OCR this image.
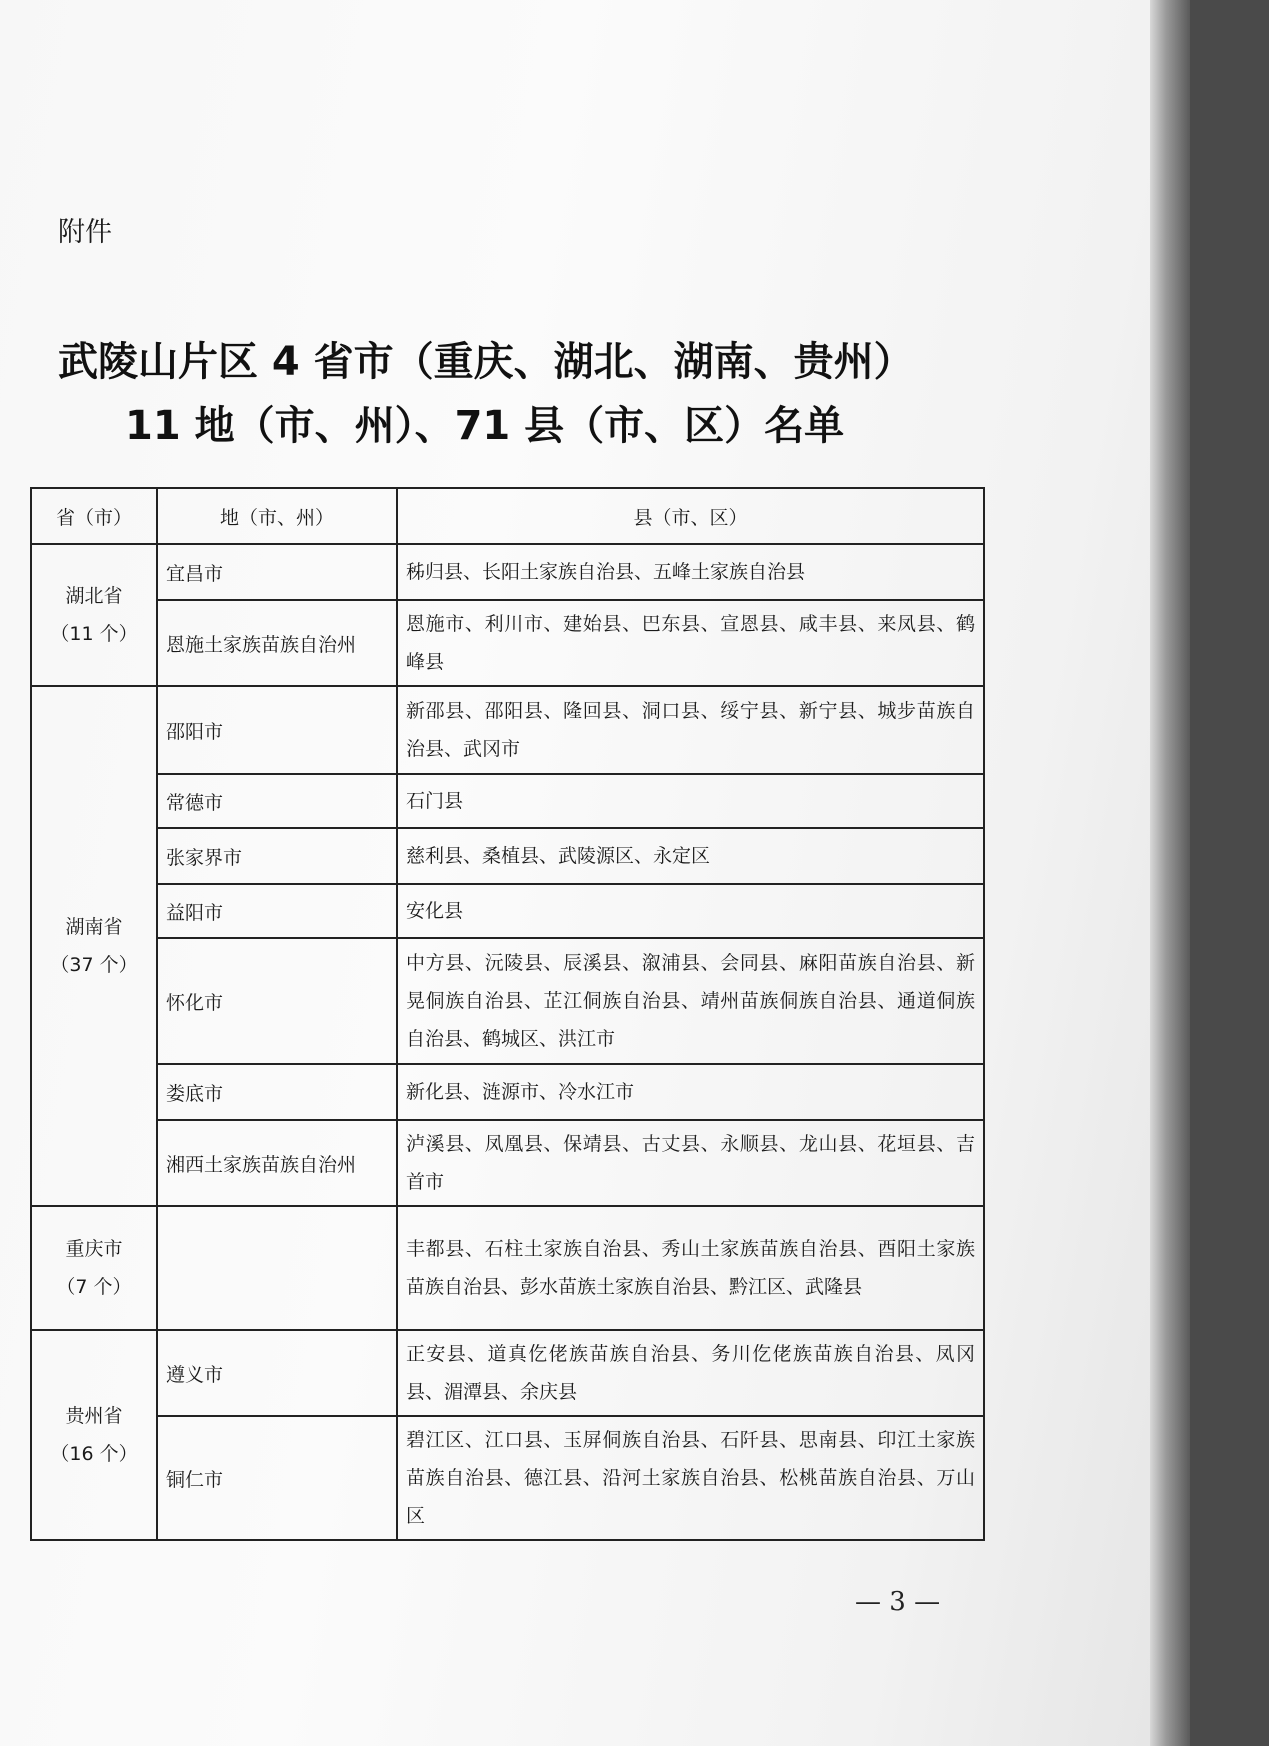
附件
武陵山片区 4 省市（重庆、湖北、湖南、贵州）
11 地（市、州）、71 县（市、区）名单
省（市）	地（市、州）	县（市、区）

湖北省
（11 个）	宜昌市	秭归县、长阳土家族自治县、五峰土家族自治县
	恩施土家族苗族自治州	恩施市、利川市、建始县、巴东县、宣恩县、咸丰县、来凤县、鹤峰县

湖南省
（37 个）	邵阳市	新邵县、邵阳县、隆回县、洞口县、绥宁县、新宁县、城步苗族自治县、武冈市
	常德市	石门县
	张家界市	慈利县、桑植县、武陵源区、永定区
	益阳市	安化县
	怀化市	中方县、沅陵县、辰溪县、溆浦县、会同县、麻阳苗族自治县、新晃侗族自治县、芷江侗族自治县、靖州苗族侗族自治县、通道侗族自治县、鹤城区、洪江市
	娄底市	新化县、涟源市、冷水江市
	湘西土家族苗族自治州	泸溪县、凤凰县、保靖县、古丈县、永顺县、龙山县、花垣县、吉首市

重庆市
（7 个）		丰都县、石柱土家族自治县、秀山土家族苗族自治县、酉阳土家族苗族自治县、彭水苗族土家族自治县、黔江区、武隆县

贵州省
（16 个）	遵义市	正安县、道真仡佬族苗族自治县、务川仡佬族苗族自治县、凤冈县、湄潭县、余庆县
	铜仁市	碧江区、江口县、玉屏侗族自治县、石阡县、思南县、印江土家族苗族自治县、德江县、沿河土家族自治县、松桃苗族自治县、万山区
— 3 —
